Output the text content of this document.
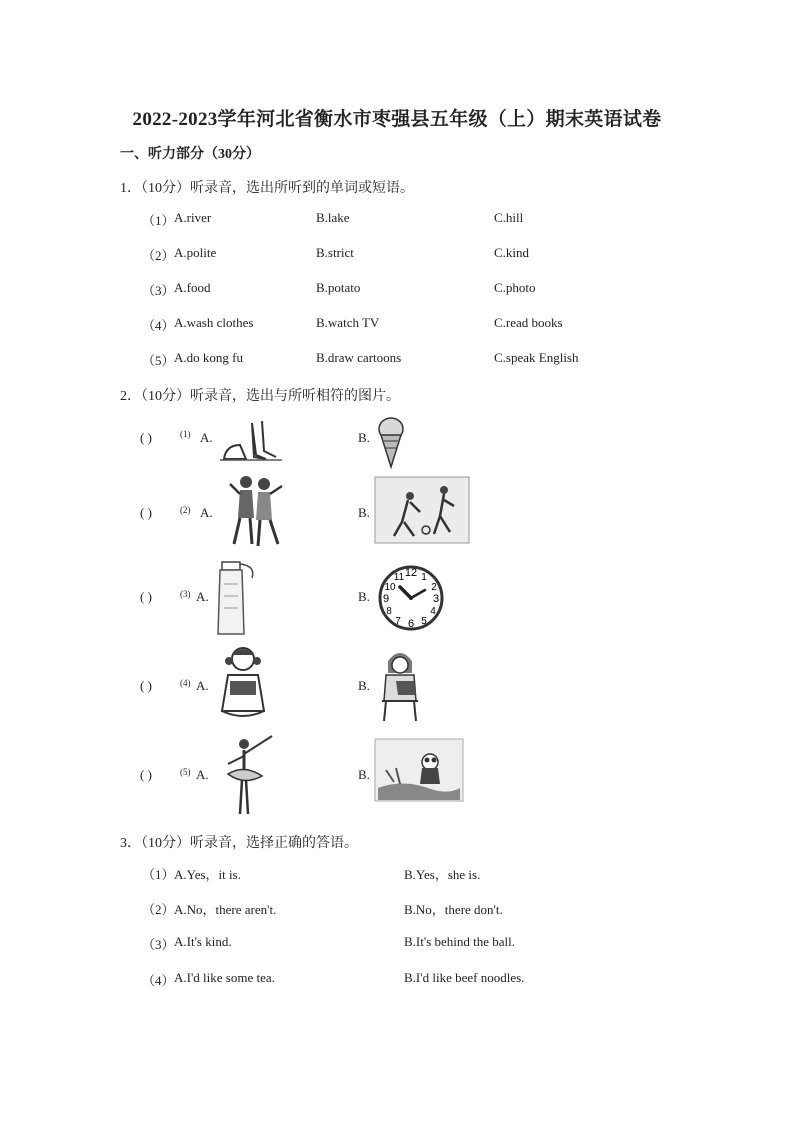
2022-2023学年河北省衡水市枣强县五年级（上）期末英语试卷
一、听力部分（30分）
1．（10分）听录音，选出所听到的单词或短语。
（1） A.river	B.lake	C.hill
（2） A.polite	B.strict	C.kind
（3） A.food	B.potato	C.photo
（4） A.wash clothes	B.watch TV	C.read books
（5） A.do kong fu	B.draw cartoons	C.speak English
2．（10分）听录音，选出与所听相符的图片。
( )	(1) A.	B.
( )	(2) A.	B.
( )	(3) A.	B.
12 1
2
3
4
5
6
7
8
9
10
11
( )	(4) A.	B.
( )	(5) A.	B.
3．（10分）听录音，选择正确的答语。
（1） A.Yes，it is.	B.Yes，she is.
（2） A.No，there aren't.	B.No，there don't.
（3） A.It's kind.	B.It's behind the ball.
（4） A.I'd like some tea.	B.I'd like beef noodles.
